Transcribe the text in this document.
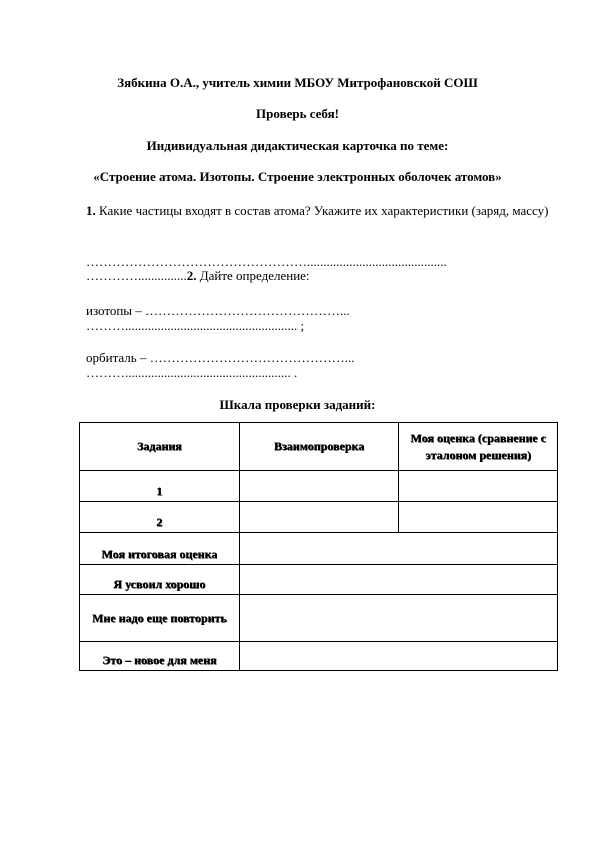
Зябкина О.А., учитель химии МБОУ Митрофановской СОШ
Проверь себя!
Индивидуальная дидактическая карточка по теме:
«Строение атома. Изотопы. Строение электронных оболочек атомов»
1. Какие частицы входят в состав атома? Укажите их характеристики (заряд, массу)
……………………………………………...........................................
…………...............2. Дайте определение:
изотопы – ………………………………………...
………..................................................... ;
орбиталь – ………………………………………...
………................................................... .
Шкала проверки заданий:
Задания	Взаимопроверка	Моя оценка (сравнение с эталоном решения)
1		
2		
Моя итоговая оценка		
Я усвоил хорошо		
Мне надо еще повторить		
Это – новое для меня		
